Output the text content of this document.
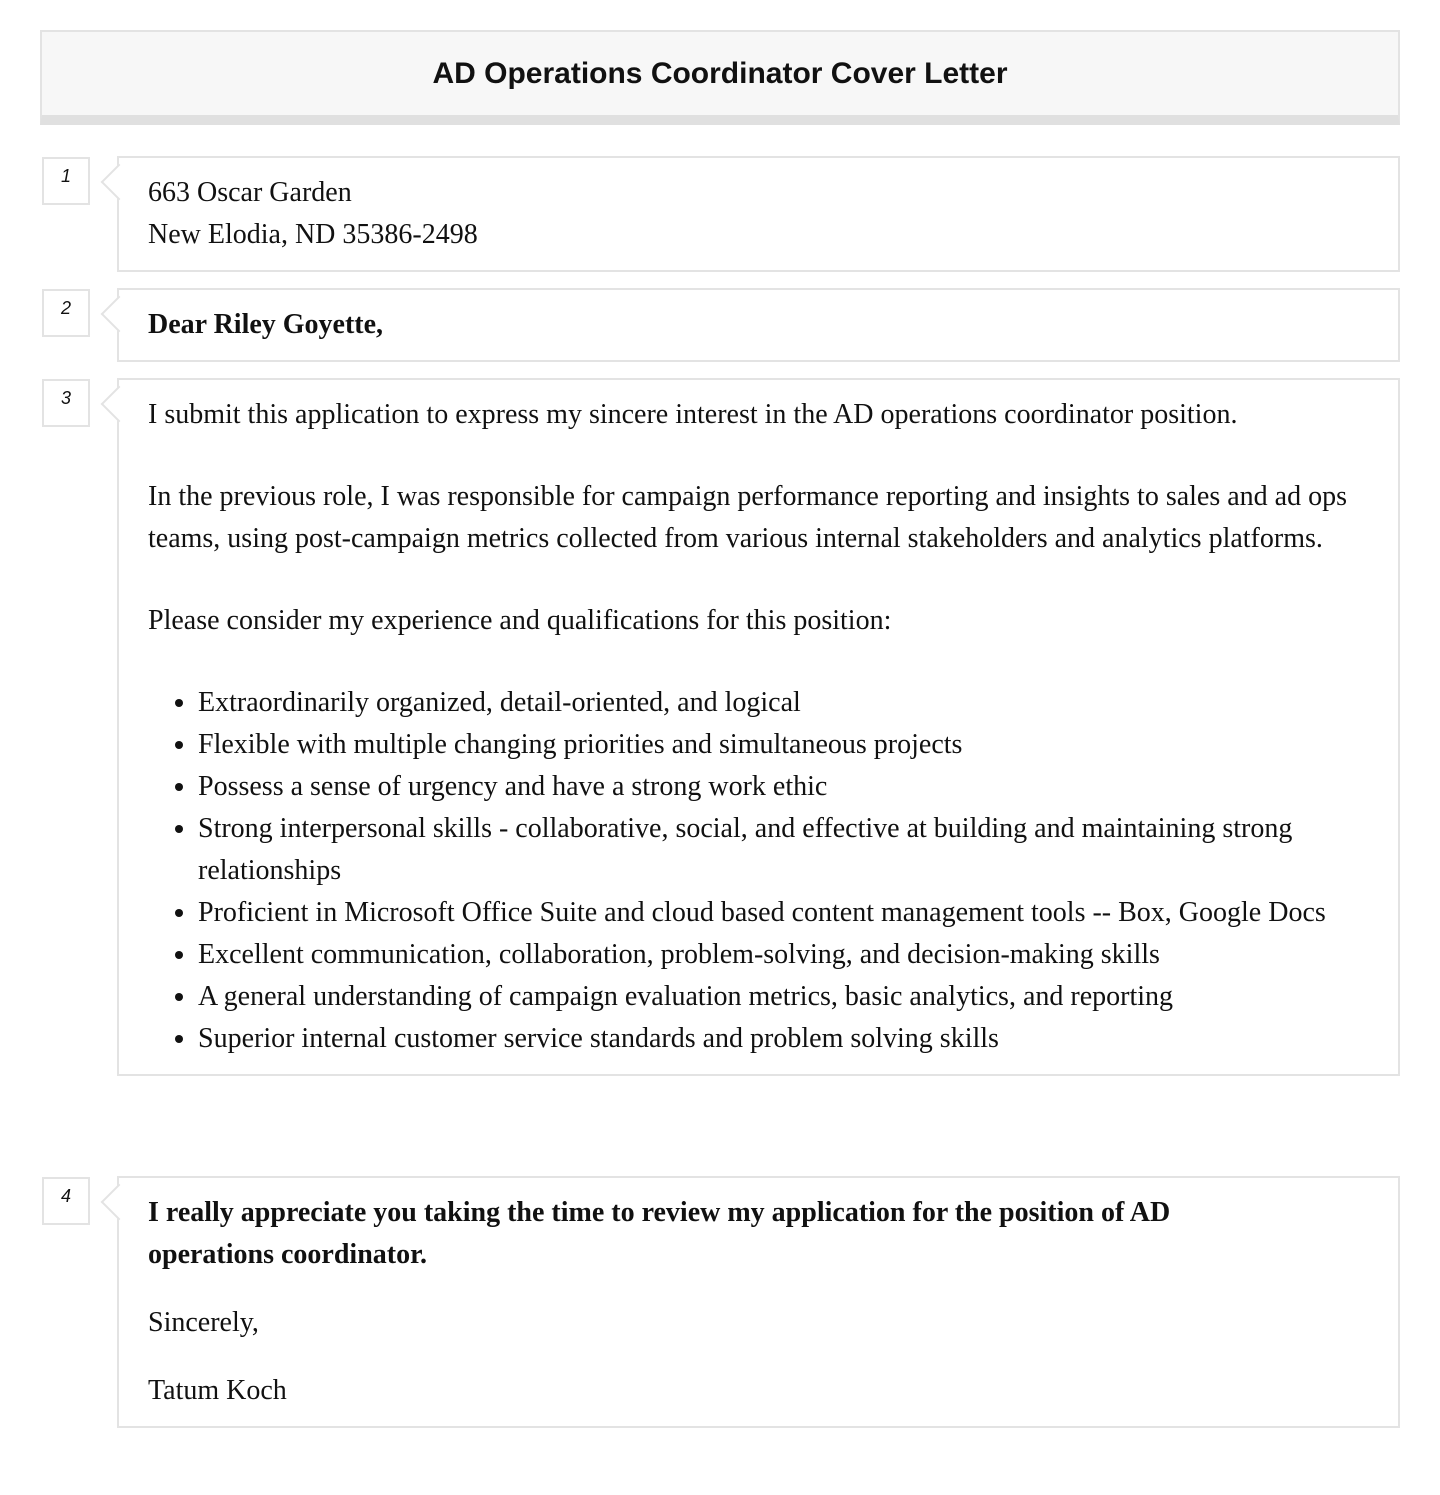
AD Operations Coordinator Cover Letter
1

663 Oscar Garden

New Elodia, ND 35386-2498

2

Dear Riley Goyette,

3

I submit this application to express my sincere interest in the AD operations coordinator position.

In the previous role, I was responsible for campaign performance reporting and insights to sales and ad ops teams, using post-campaign metrics collected from various internal stakeholders and analytics platforms.

Please consider my experience and qualifications for this position:

• Extraordinarily organized, detail-oriented, and logical
• Flexible with multiple changing priorities and simultaneous projects
• Possess a sense of urgency and have a strong work ethic
• Strong interpersonal skills - collaborative, social, and effective at building and maintaining strong relationships
• Proficient in Microsoft Office Suite and cloud based content management tools -- Box, Google Docs
• Excellent communication, collaboration, problem-solving, and decision-making skills
• A general understanding of campaign evaluation metrics, basic analytics, and reporting
• Superior internal customer service standards and problem solving skills
4

I really appreciate you taking the time to review my application for the position of AD operations coordinator.

Sincerely,

Tatum Koch
